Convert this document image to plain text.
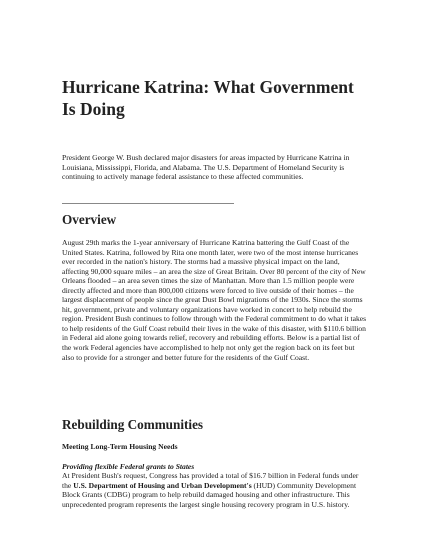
Hurricane Katrina: What Government Is Doing

President George W. Bush declared major disasters for areas impacted by Hurricane Katrina in Louisiana, Mississippi, Florida, and Alabama. The U.S. Department of Homeland Security is continuing to actively manage federal assistance to these affected communities.

Overview

August 29th marks the 1-year anniversary of Hurricane Katrina battering the Gulf Coast of the United States. Katrina, followed by Rita one month later, were two of the most intense hurricanes ever recorded in the nation's history. The storms had a massive physical impact on the land, affecting 90,000 square miles – an area the size of Great Britain. Over 80 percent of the city of New Orleans flooded – an area seven times the size of Manhattan. More than 1.5 million people were directly affected and more than 800,000 citizens were forced to live outside of their homes – the largest displacement of people since the great Dust Bowl migrations of the 1930s. Since the storms hit, government, private and voluntary organizations have worked in concert to help rebuild the region. President Bush continues to follow through with the Federal commitment to do what it takes to help residents of the Gulf Coast rebuild their lives in the wake of this disaster, with $110.6 billion in Federal aid alone going towards relief, recovery and rebuilding efforts. Below is a partial list of the work Federal agencies have accomplished to help not only get the region back on its feet but also to provide for a stronger and better future for the residents of the Gulf Coast.

Rebuilding Communities

Meeting Long-Term Housing Needs

Providing flexible Federal grants to States

At President Bush's request, Congress has provided a total of $16.7 billion in Federal funds under the U.S. Department of Housing and Urban Development's (HUD) Community Development Block Grants (CDBG) program to help rebuild damaged housing and other infrastructure. This unprecedented program represents the largest single housing recovery program in U.S. history.
